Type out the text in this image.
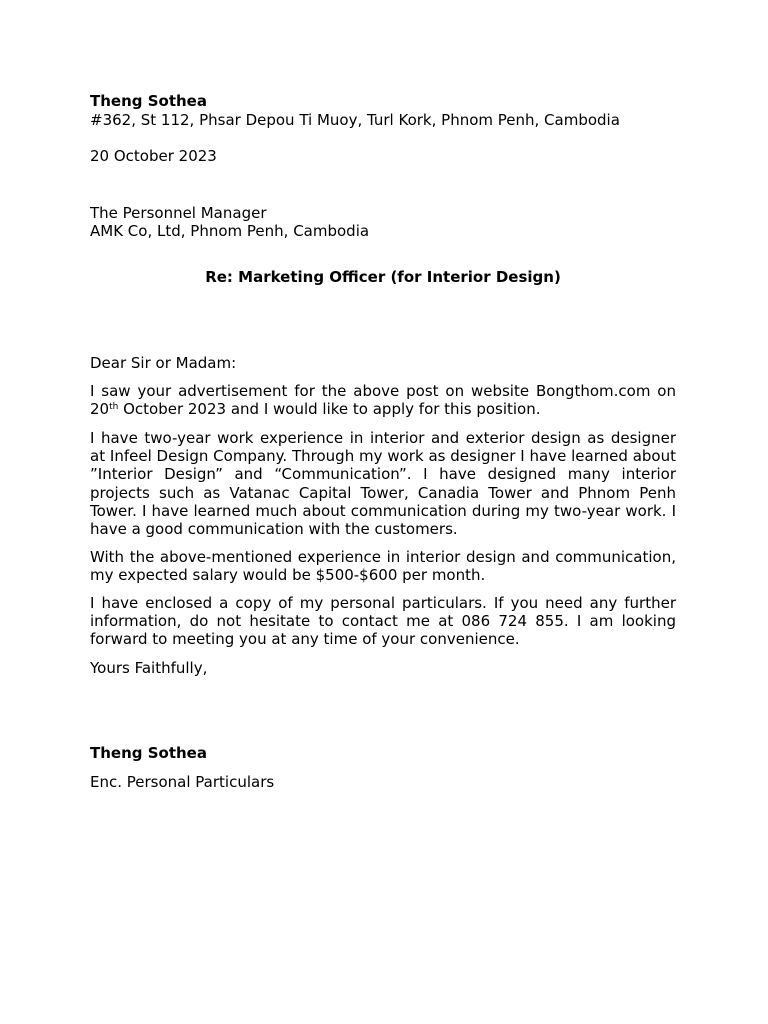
Theng Sothea
#362, St 112, Phsar Depou Ti Muoy, Turl Kork, Phnom Penh, Cambodia
20 October 2023
The Personnel Manager
AMK Co, Ltd, Phnom Penh, Cambodia
Re: Marketing Officer (for Interior Design)
Dear Sir or Madam:
I saw your advertisement for the above post on website Bongthom.com on 20th October 2023 and I would like to apply for this position.
I have two-year work experience in interior and exterior design as designer at Infeel Design Company. Through my work as designer I have learned about ”Interior Design” and “Communication”. I have designed many interior projects such as Vatanac Capital Tower, Canadia Tower and Phnom Penh Tower. I have learned much about communication during my two-year work. I have a good communication with the customers.
With the above-mentioned experience in interior design and communication, my expected salary would be $500-$600 per month.
I have enclosed a copy of my personal particulars. If you need any further information, do not hesitate to contact me at 086 724 855. I am looking forward to meeting you at any time of your convenience.
Yours Faithfully,
Theng Sothea
Enc. Personal Particulars
